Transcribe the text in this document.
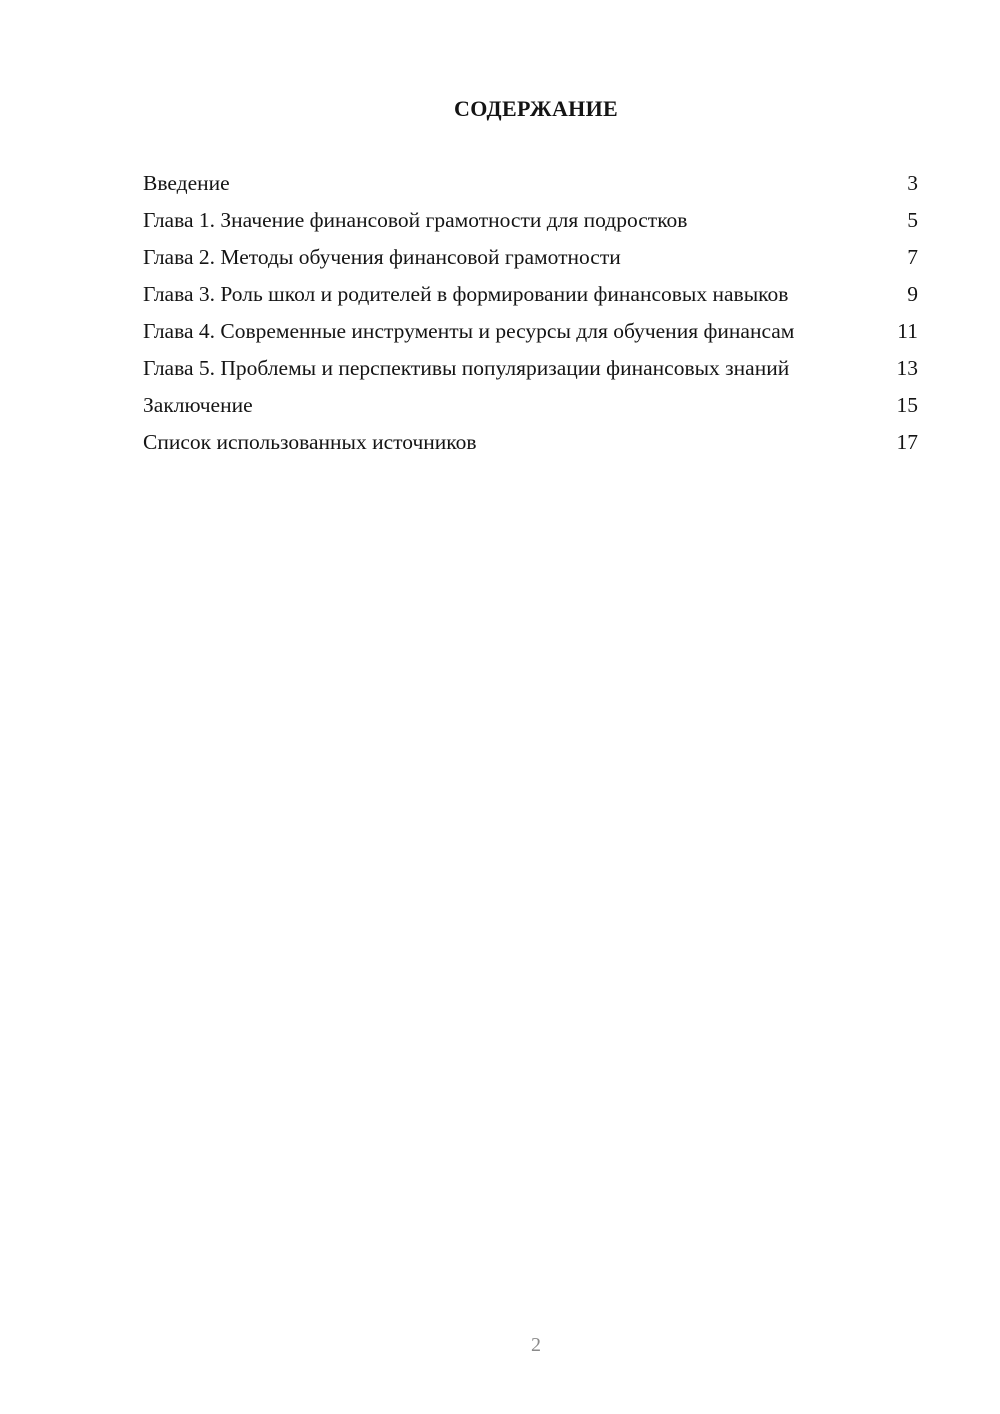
СОДЕРЖАНИЕ
Введение	3
Глава 1. Значение финансовой грамотности для подростков	5
Глава 2. Методы обучения финансовой грамотности	7
Глава 3. Роль школ и родителей в формировании финансовых навыков	9
Глава 4. Современные инструменты и ресурсы для обучения финансам	11
Глава 5. Проблемы и перспективы популяризации финансовых знаний	13
Заключение	15
Список использованных источников	17
2
